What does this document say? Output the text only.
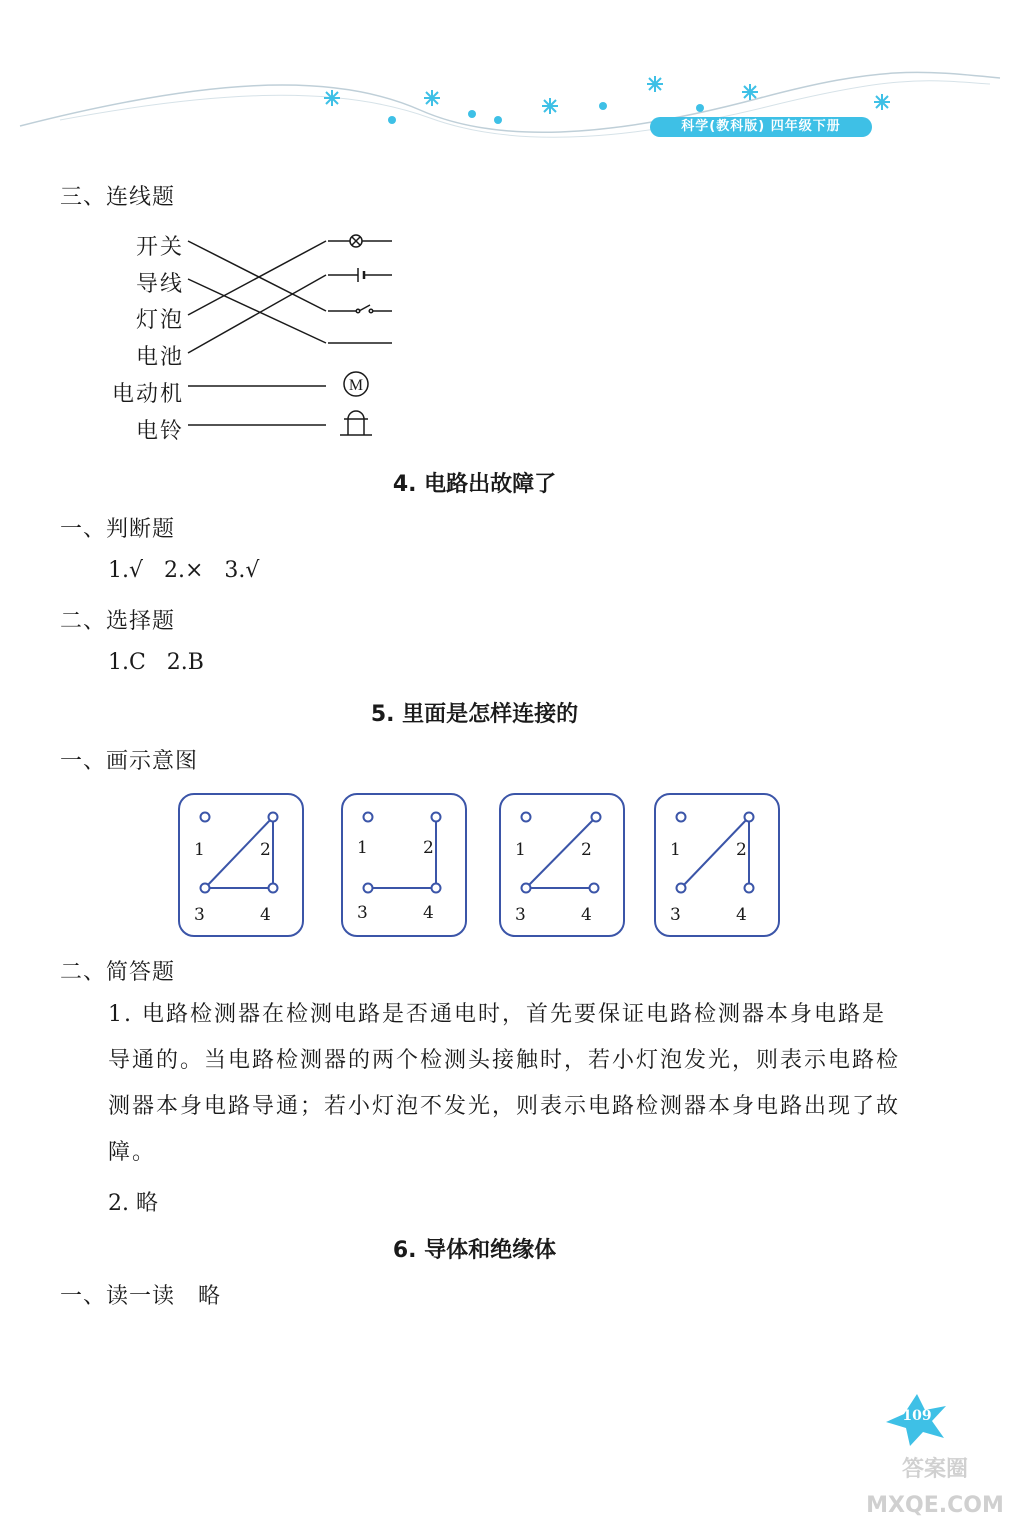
科学(教科版) 四年级下册
三、连线题
开关
导线
灯泡
电池
电动机
电铃
M
4. 电路出故障了
一、判断题
1.√   2.×   3.√
二、选择题
1.C   2.B
5. 里面是怎样连接的
一、画示意图
1	2
3	4
1	2
3	4
1	2
3	4
1	2
3	4
二、简答题
1. 电路检测器在检测电路是否通电时，首先要保证电路检测器本身电路是导通的。当电路检测器的两个检测头接触时，若小灯泡发光，则表示电路检测器本身电路导通；若小灯泡不发光，则表示电路检测器本身电路出现了故障。
2. 略
6. 导体和绝缘体
一、读一读　略
109
答案圈 MXQE.COM
